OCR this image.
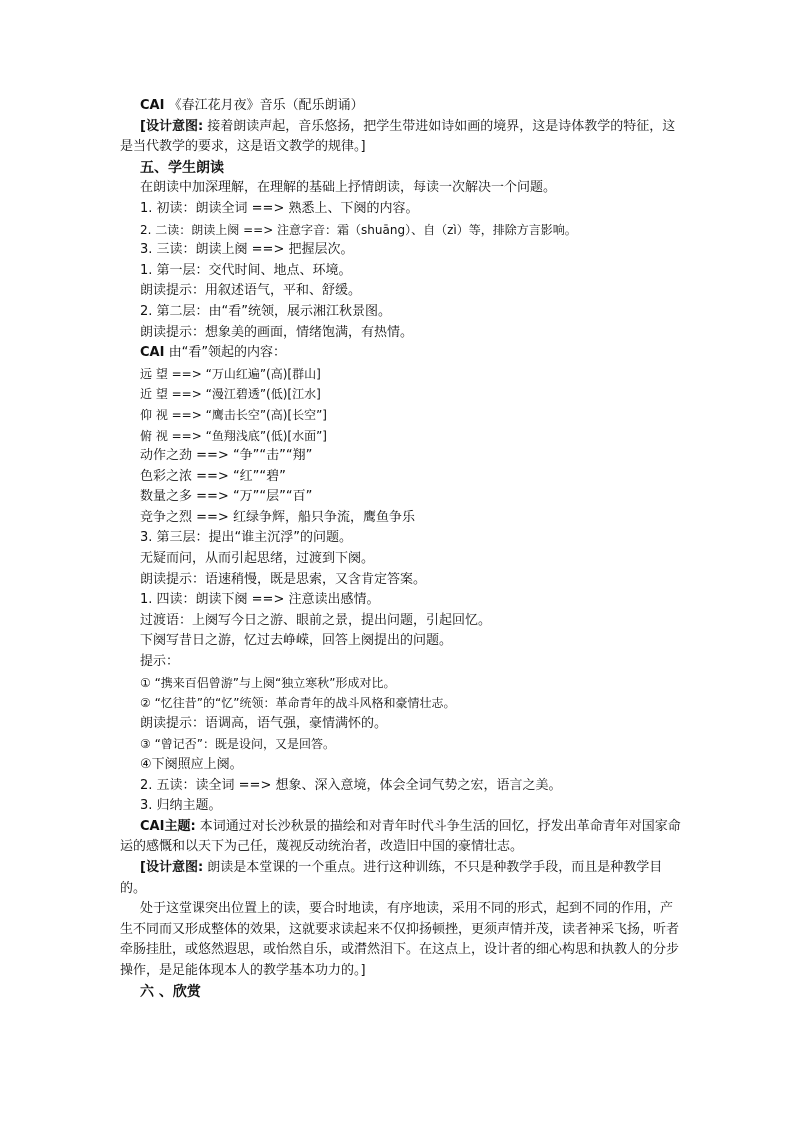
CAI 《春江花月夜》音乐（配乐朗诵）
[设计意图: 接着朗读声起，音乐悠扬，把学生带进如诗如画的境界，这是诗体教学的特征，这是当代教学的要求，这是语文教学的规律。]
五、学生朗读
在朗读中加深理解，在理解的基础上抒情朗读，每读一次解决一个问题。
1. 初读：朗读全词 ==> 熟悉上、下阕的内容。
2. 二读：朗读上阕 ==> 注意字音：霜（shuāng）、自（zì）等，排除方言影响。
3. 三读：朗读上阕 ==> 把握层次。
1. 第一层：交代时间、地点、环境。
朗读提示：用叙述语气，平和、舒缓。
2. 第二层：由“看”统领，展示湘江秋景图。
朗读提示：想象美的画面，情绪饱满，有热情。
CAI 由“看”领起的内容：
远 望 ==> “万山红遍”(高)[群山]
近 望 ==> “漫江碧透”(低)[江水]
仰 视 ==> “鹰击长空”(高)[长空”]
俯 视 ==> “鱼翔浅底”(低)[水面”]
动作之劲 ==> “争”“击”“翔”
色彩之浓 ==> “红”“碧”
数量之多 ==> “万”“层”“百”
竞争之烈 ==> 红绿争辉，船只争流，鹰鱼争乐
3. 第三层：提出“谁主沉浮”的问题。
无疑而问，从而引起思绪，过渡到下阕。
朗读提示：语速稍慢，既是思索，又含肯定答案。
1. 四读：朗读下阕 ==> 注意读出感情。
过渡语：上阕写今日之游、眼前之景，提出问题，引起回忆。
下阕写昔日之游，忆过去峥嵘，回答上阕提出的问题。
提示：
① “携来百侣曾游”与上阕“独立寒秋”形成对比。
② “忆往昔”的“忆”统领：革命青年的战斗风格和豪情壮志。
朗读提示：语调高，语气强，豪情满怀的。
③ “曾记否”：既是设问，又是回答。
④下阕照应上阕。
2. 五读：读全词 ==> 想象、深入意境，体会全词气势之宏，语言之美。
3. 归纳主题。
CAI主题: 本词通过对长沙秋景的描绘和对青年时代斗争生活的回忆，抒发出革命青年对国家命运的感慨和以天下为己任，蔑视反动统治者，改造旧中国的豪情壮志。
[设计意图: 朗读是本堂课的一个重点。进行这种训练，不只是种教学手段，而且是种教学目的。
处于这堂课突出位置上的读，要合时地读，有序地读，采用不同的形式，起到不同的作用，产生不同而又形成整体的效果，这就要求读起来不仅抑扬顿挫，更须声情并茂，读者神采飞扬，听者牵肠挂肚，或悠然遐思，或怡然自乐，或潸然泪下。在这点上，设计者的细心构思和执教人的分步操作，是足能体现本人的教学基本功力的。]
六 、欣赏
